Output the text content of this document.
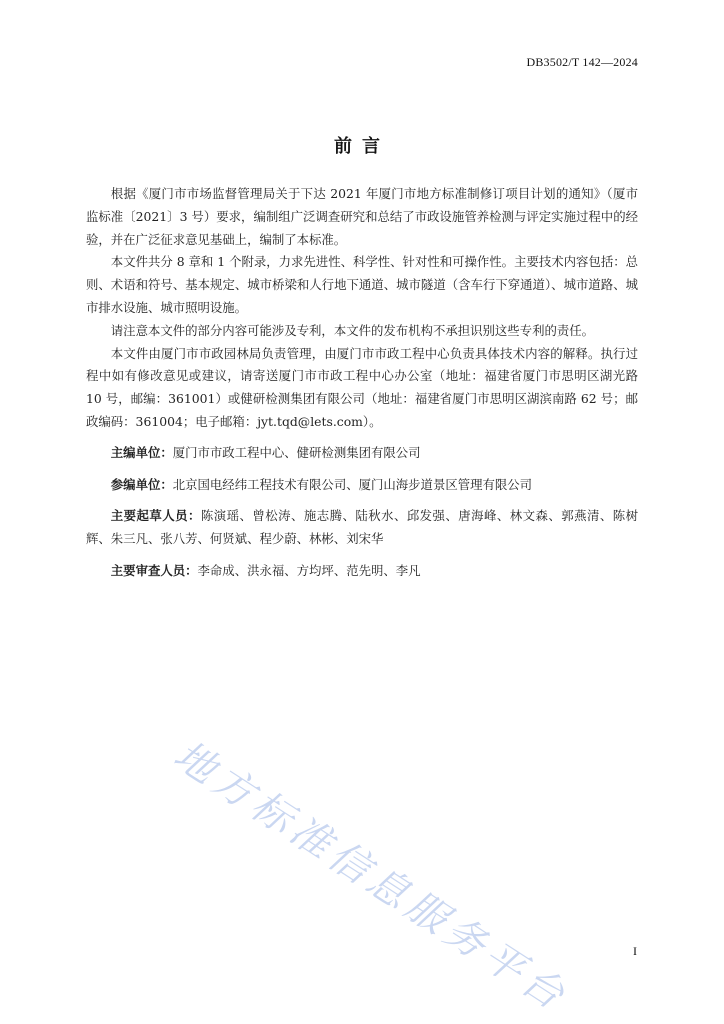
DB3502/T 142—2024
前言

根据《厦门市市场监督管理局关于下达 2021 年厦门市地方标准制修订项目计划的通知》（厦市监标准〔2021〕3 号）要求，编制组广泛调查研究和总结了市政设施管养检测与评定实施过程中的经验，并在广泛征求意见基础上，编制了本标准。

本文件共分 8 章和 1 个附录，力求先进性、科学性、针对性和可操作性。主要技术内容包括：总则、术语和符号、基本规定、城市桥梁和人行地下通道、城市隧道（含车行下穿通道）、城市道路、城市排水设施、城市照明设施。

请注意本文件的部分内容可能涉及专利，本文件的发布机构不承担识别这些专利的责任。

本文件由厦门市市政园林局负责管理，由厦门市市政工程中心负责具体技术内容的解释。执行过程中如有修改意见或建议，请寄送厦门市市政工程中心办公室（地址：福建省厦门市思明区湖光路 10 号，邮编：361001）或健研检测集团有限公司（地址：福建省厦门市思明区湖滨南路 62 号；邮政编码：361004；电子邮箱：jyt.tqd@lets.com）。

主编单位：厦门市市政工程中心、健研检测集团有限公司

参编单位：北京国电经纬工程技术有限公司、厦门山海步道景区管理有限公司

主要起草人员：陈演瑶、曾松涛、施志腾、陆秋水、邱发强、唐海峰、林文森、郭燕清、陈树辉、朱三凡、张八芳、何贤斌、程少蔚、林彬、刘宋华

主要审查人员：李命成、洪永福、方均坪、范先明、李凡

地方标准信息服务平台	I
